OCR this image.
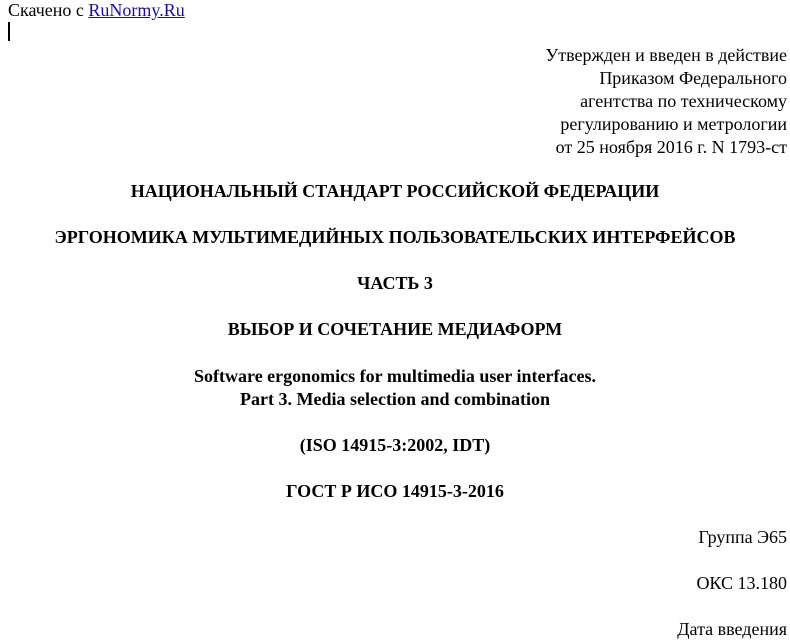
Скачено с RuNormy.Ru
Утвержден и введен в действие
Приказом Федерального
агентства по техническому
регулированию и метрологии
от 25 ноября 2016 г. N 1793-ст
НАЦИОНАЛЬНЫЙ СТАНДАРТ РОССИЙСКОЙ ФЕДЕРАЦИИ
ЭРГОНОМИКА МУЛЬТИМЕДИЙНЫХ ПОЛЬЗОВАТЕЛЬСКИХ ИНТЕРФЕЙСОВ
ЧАСТЬ 3
ВЫБОР И СОЧЕТАНИЕ МЕДИАФОРМ
Software ergonomics for multimedia user interfaces.
Part 3. Media selection and combination
(ISO 14915-3:2002, IDT)
ГОСТ Р ИСО 14915-3-2016
Группа Э65
ОКС 13.180
Дата введения
